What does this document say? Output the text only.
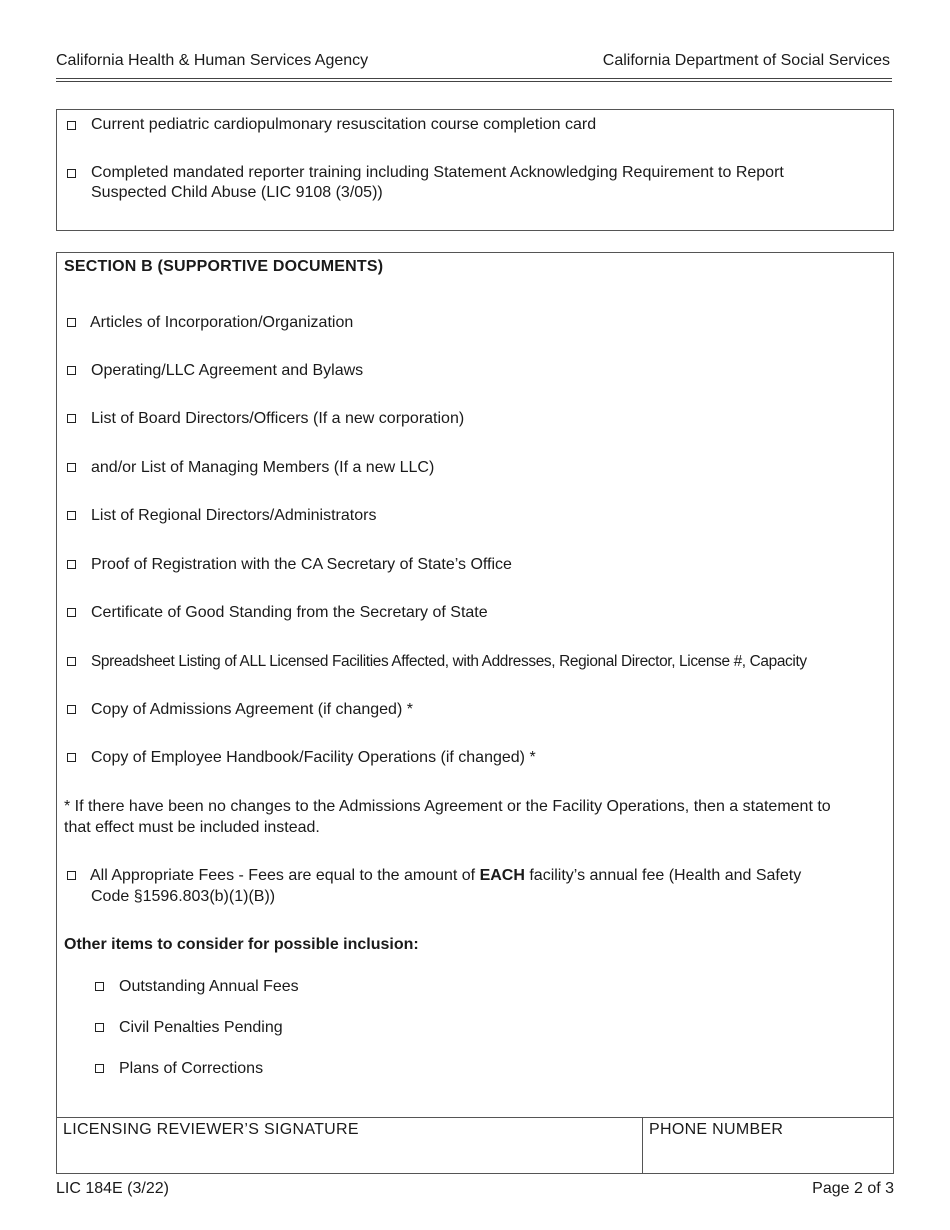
California Health & Human Services Agency	California Department of Social Services
Current pediatric cardiopulmonary resuscitation course completion card
Completed mandated reporter training including Statement Acknowledging Requirement to Report
Suspected Child Abuse (LIC 9108 (3/05))
SECTION B (SUPPORTIVE DOCUMENTS)
Articles of Incorporation/Organization
Operating/LLC Agreement and Bylaws
List of Board Directors/Officers (If a new corporation)
and/or List of Managing Members (If a new LLC)
List of Regional Directors/Administrators
Proof of Registration with the CA Secretary of State’s Office
Certificate of Good Standing from the Secretary of State
Spreadsheet Listing of ALL Licensed Facilities Affected, with Addresses, Regional Director, License #, Capacity
Copy of Admissions Agreement (if changed) *
Copy of Employee Handbook/Facility Operations (if changed) *
* If there have been no changes to the Admissions Agreement or the Facility Operations, then a statement to
that effect must be included instead.
All Appropriate Fees - Fees are equal to the amount of EACH facility’s annual fee (Health and Safety
Code §1596.803(b)(1)(B))
Other items to consider for possible inclusion:
Outstanding Annual Fees
Civil Penalties Pending
Plans of Corrections
LICENSING REVIEWER’S SIGNATURE	PHONE NUMBER
LIC 184E (3/22)	Page 2 of 3
